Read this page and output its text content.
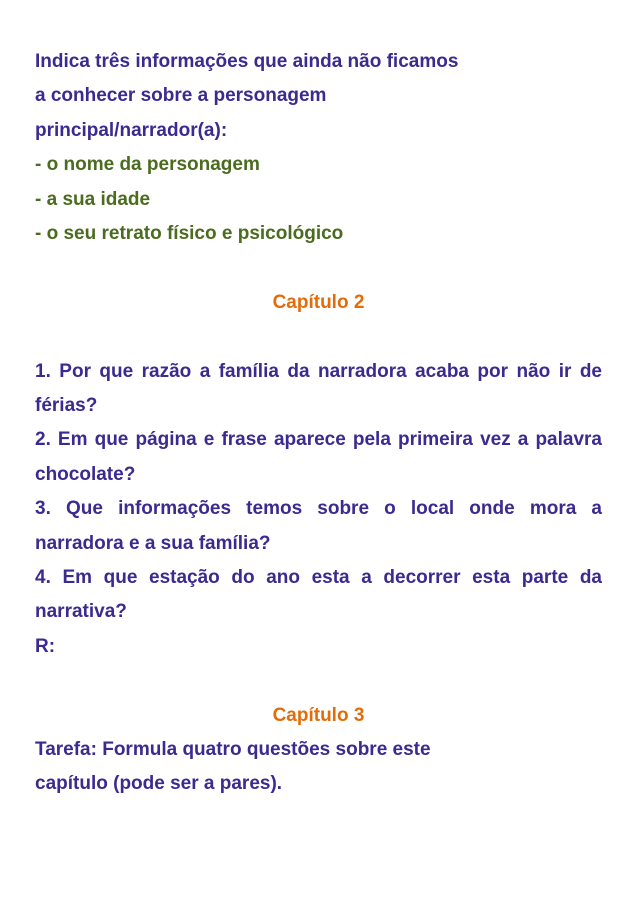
Indica três informações que ainda não ficamos
a conhecer sobre a personagem
principal/narrador(a):
- o nome da personagem
- a sua idade
- o seu retrato físico e psicológico
Capítulo 2
1. Por que razão a família da narradora acaba por não ir de férias?
2. Em que página e frase aparece pela primeira vez a palavra chocolate?
3. Que informações temos sobre o local onde mora a narradora e a sua família?
4. Em que estação do ano esta a decorrer esta parte da narrativa?
R:
Capítulo 3
Tarefa: Formula quatro questões sobre este
capítulo (pode ser a pares).
